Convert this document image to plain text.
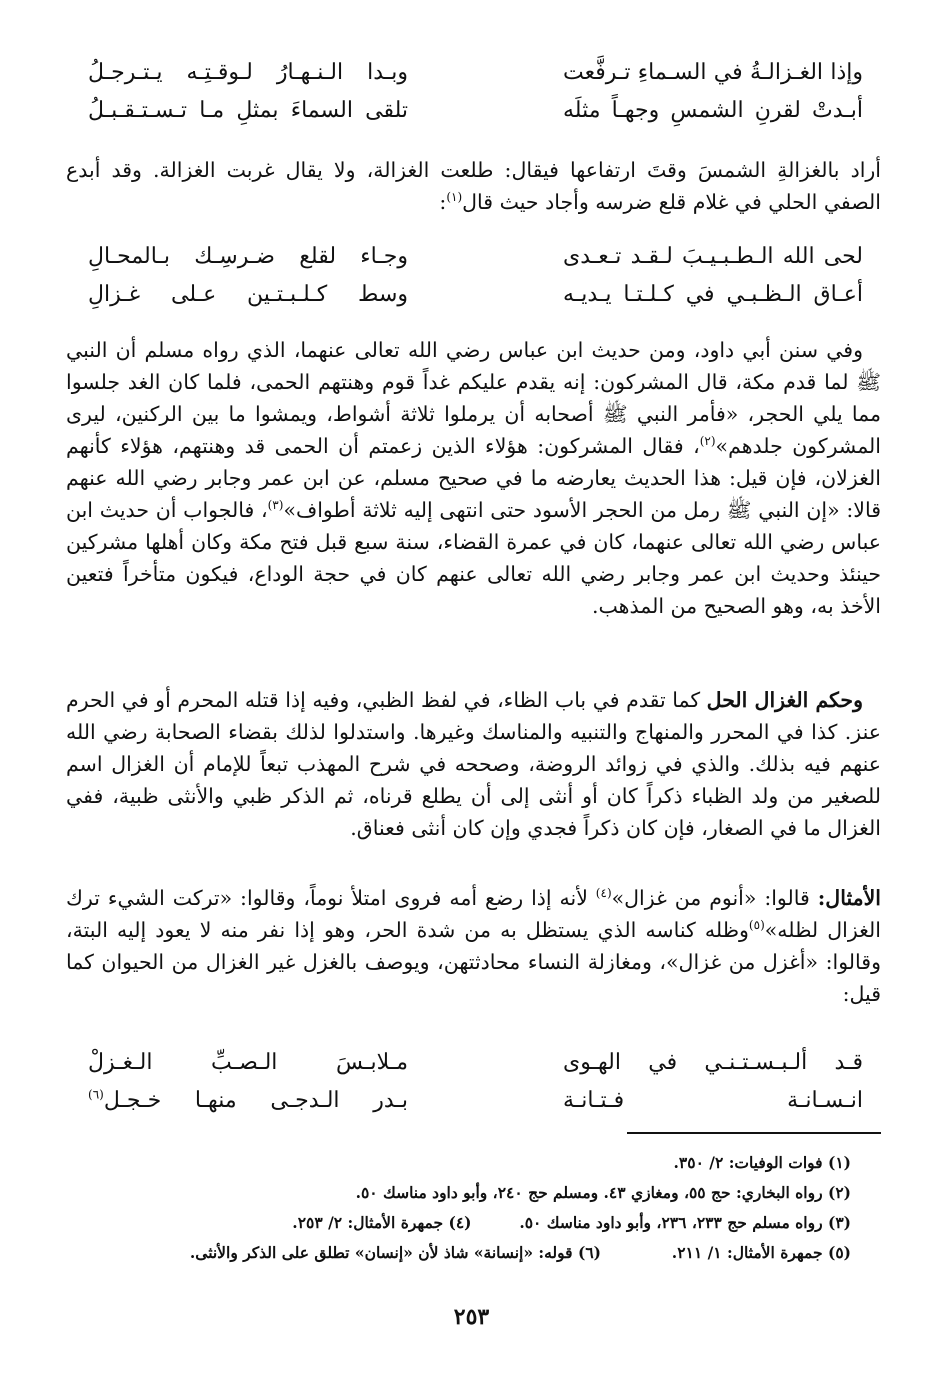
وإذا الغـزالـةُ في السـماءِ تـرفَّعت
وبـدا الـنـهـارُ لـوقـتِـه يـتـرجـلُ
أبـدتْ لقرنِ الشمسِ وجهـاً مثلَه
تلقى السماءَ بمثلِ مـا تـسـتـقـبـلُ

أراد بالغزالةِ الشمسَ وقتَ ارتفاعها فيقال: طلعت الغزالة، ولا يقال غربت الغزالة. وقد أبدع الصفي الحلي في غلام قلع ضرسه وأجاد حيث قال$^{(١)}$:

لحى الله الـطـبـيـبَ لـقـد تـعـدى
وجـاء لقلع ضـرسِـك بـالمحـالِ
أعـاق الـظـبـي في كـلـتـا يـديـه
وسط كـلـبـتـين عـلى غـزالِ

وفي سنن أبي داود، ومن حديث ابن عباس رضي الله تعالى عنهما، الذي رواه مسلم أن النبي ﷺ لما قدم مكة، قال المشركون: إنه يقدم عليكم غداً قوم وهنتهم الحمى، فلما كان الغد جلسوا مما يلي الحجر، «فأمر النبي ﷺ أصحابه أن يرملوا ثلاثة أشواط، ويمشوا ما بين الركنين، ليرى المشركون جلدهم»$^{(٢)}$، فقال المشركون: هؤلاء الذين زعمتم أن الحمى قد وهنتهم، هؤلاء كأنهم الغزلان، فإن قيل: هذا الحديث يعارضه ما في صحيح مسلم، عن ابن عمر وجابر رضي الله عنهم قالا: «إن النبي ﷺ رمل من الحجر الأسود حتى انتهى إليه ثلاثة أطواف»$^{(٣)}$، فالجواب أن حديث ابن عباس رضي الله تعالى عنهما، كان في عمرة القضاء، سنة سبع قبل فتح مكة وكان أهلها مشركين حينئذ وحديث ابن عمر وجابر رضي الله تعالى عنهم كان في حجة الوداع، فيكون متأخراً فتعين الأخذ به، وهو الصحيح من المذهب.

وحكم الغزال الحل كما تقدم في باب الظاء، في لفظ الظبي، وفيه إذا قتله المحرم أو في الحرم عنز. كذا في المحرر والمنهاج والتنبيه والمناسك وغيرها. واستدلوا لذلك بقضاء الصحابة رضي الله عنهم فيه بذلك. والذي في زوائد الروضة، وصححه في شرح المهذب تبعاً للإمام أن الغزال اسم للصغير من ولد الظباء ذكراً كان أو أنثى إلى أن يطلع قرناه، ثم الذكر ظبي والأنثى ظبية، ففي الغزال ما في الصغار، فإن كان ذكراً فجدي وإن كان أنثى فعناق.

الأمثال: قالوا: «أنوم من غزال»$^{(٤)}$ لأنه إذا رضع أمه فروى امتلأ نوماً، وقالوا: «تركت الشيء ترك الغزال لظله»$^{(٥)}$وظله كناسه الذي يستظل به من شدة الحر، وهو إذا نفر منه لا يعود إليه البتة، وقالوا: «أغزل من غزال»، ومغازلة النساء محادثتهن، ويوصف بالغزل غير الغزال من الحيوان كما قيل:

قـد ألـبـسـتـنـي في الهـوى
مـلابـسَ الـصـبِّ الـغـزلْ
انـسـانـة فـتـانـة
بـدر الـدجـى منهـا خـجـل$^{(٦)}$
(١) فوات الوفيات: ٢/ ٣٥٠.
(٢) رواه البخاري: حج ٥٥، ومغازي ٤٣. ومسلم حج ٢٤٠، وأبو داود مناسك ٥٠.
(٣) رواه مسلم حج ٢٣٣، ٢٣٦، وأبو داود مناسك ٥٠.
(٤) جمهرة الأمثال: ٢/ ٢٥٣.
(٥) جمهرة الأمثال: ١/ ٢١١.
(٦) قوله: «إنسانة» شاذ لأن «إنسان» تطلق على الذكر والأنثى.
٢٥٣
